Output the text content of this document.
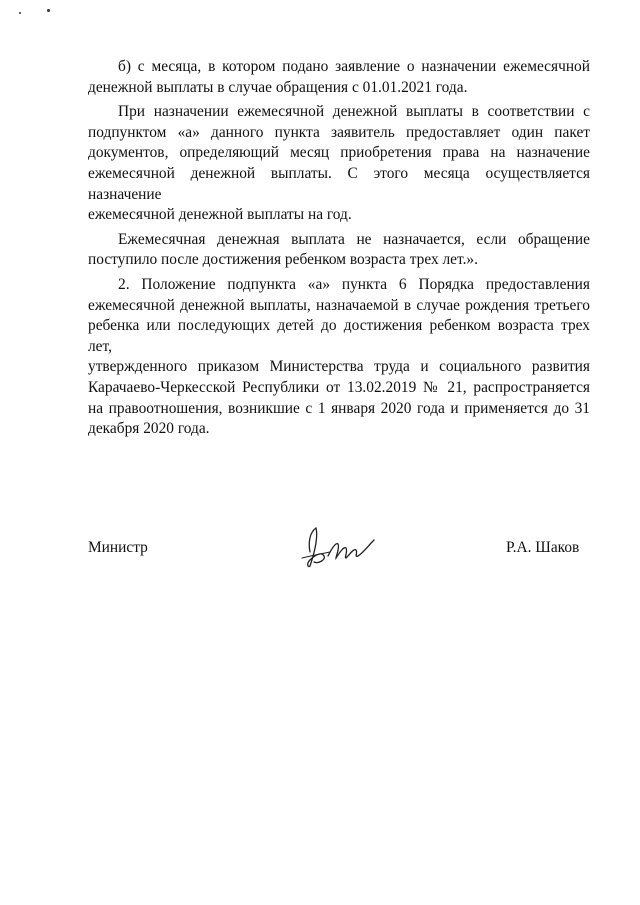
б) с месяца, в котором подано заявление о назначении ежемесячной
денежной выплаты в случае обращения с 01.01.2021 года.

При назначении ежемесячной денежной выплаты в соответствии с
подпунктом «а» данного пункта заявитель предоставляет один пакет
документов, определяющий месяц приобретения права на назначение
ежемесячной денежной выплаты. С этого месяца осуществляется назначение
ежемесячной денежной выплаты на год.

Ежемесячная денежная выплата не назначается, если обращение
поступило после достижения ребенком возраста трех лет.».

2. Положение подпункта «а» пункта 6 Порядка предоставления
ежемесячной денежной выплаты, назначаемой в случае рождения третьего
ребенка или последующих детей до достижения ребенком возраста трех лет,
утвержденного приказом Министерства труда и социального развития
Карачаево-Черкесской Республики от 13.02.2019 № 21, распространяется
на правоотношения, возникшие с 1 января 2020 года и применяется до 31
декабря 2020 года.

Министр	Р.А. Шаков
